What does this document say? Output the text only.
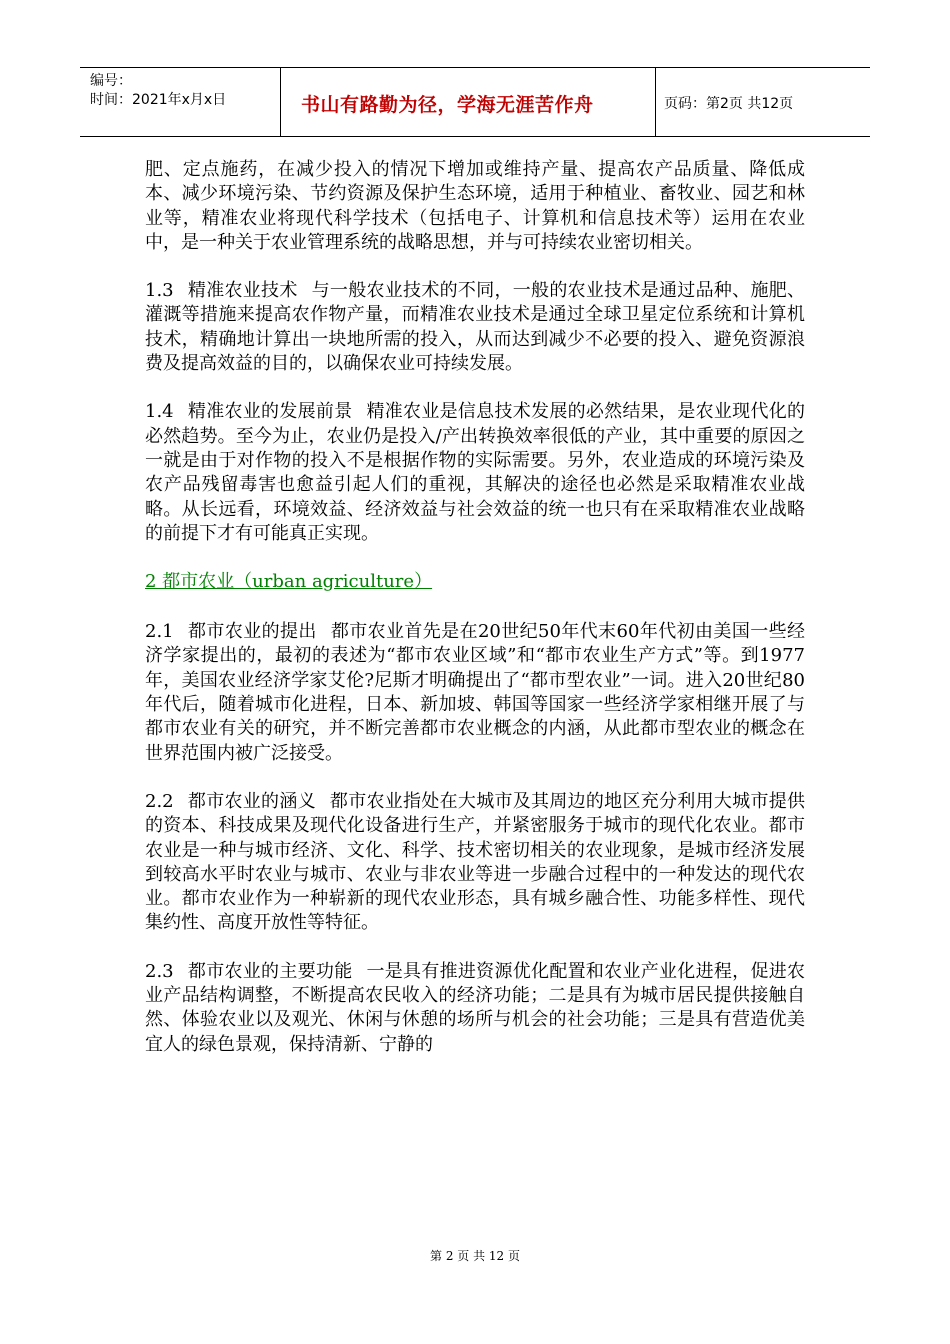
编号：
时间：2021年x月x日	书山有路勤为径，学海无涯苦作舟	页码：第2页 共12页

肥、定点施药，在减少投入的情况下增加或维持产量、提高农产品质量、降低成本、减少环境污染、节约资源及保护生态环境，适用于种植业、畜牧业、园艺和林业等，精准农业将现代科学技术（包括电子、计算机和信息技术等）运用在农业中，是一种关于农业管理系统的战略思想，并与可持续农业密切相关。

1.3 精准农业技术 与一般农业技术的不同，一般的农业技术是通过品种、施肥、灌溉等措施来提高农作物产量，而精准农业技术是通过全球卫星定位系统和计算机技术，精确地计算出一块地所需的投入，从而达到减少不必要的投入、避免资源浪费及提高效益的目的，以确保农业可持续发展。

1.4 精准农业的发展前景 精准农业是信息技术发展的必然结果，是农业现代化的必然趋势。至今为止，农业仍是投入/产出转换效率很低的产业，其中重要的原因之一就是由于对作物的投入不是根据作物的实际需要。另外，农业造成的环境污染及农产品残留毒害也愈益引起人们的重视，其解决的途径也必然是采取精准农业战略。从长远看，环境效益、经济效益与社会效益的统一也只有在采取精准农业战略的前提下才有可能真正实现。

2 都市农业（urban agriculture）

2.1 都市农业的提出 都市农业首先是在20世纪50年代末60年代初由美国一些经济学家提出的，最初的表述为“都市农业区域”和“都市农业生产方式”等。到1977年，美国农业经济学家艾伦?尼斯才明确提出了“都市型农业”一词。进入20世纪80年代后，随着城市化进程，日本、新加坡、韩国等国家一些经济学家相继开展了与都市农业有关的研究，并不断完善都市农业概念的内涵，从此都市型农业的概念在世界范围内被广泛接受。

2.2 都市农业的涵义 都市农业指处在大城市及其周边的地区充分利用大城市提供的资本、科技成果及现代化设备进行生产，并紧密服务于城市的现代化农业。都市农业是一种与城市经济、文化、科学、技术密切相关的农业现象，是城市经济发展到较高水平时农业与城市、农业与非农业等进一步融合过程中的一种发达的现代农业。都市农业作为一种崭新的现代农业形态，具有城乡融合性、功能多样性、现代集约性、高度开放性等特征。

2.3 都市农业的主要功能 一是具有推进资源优化配置和农业产业化进程，促进农业产品结构调整，不断提高农民收入的经济功能；二是具有为城市居民提供接触自然、体验农业以及观光、休闲与休憩的场所与机会的社会功能；三是具有营造优美宜人的绿色景观，保持清新、宁静的

第 2 页 共 12 页
